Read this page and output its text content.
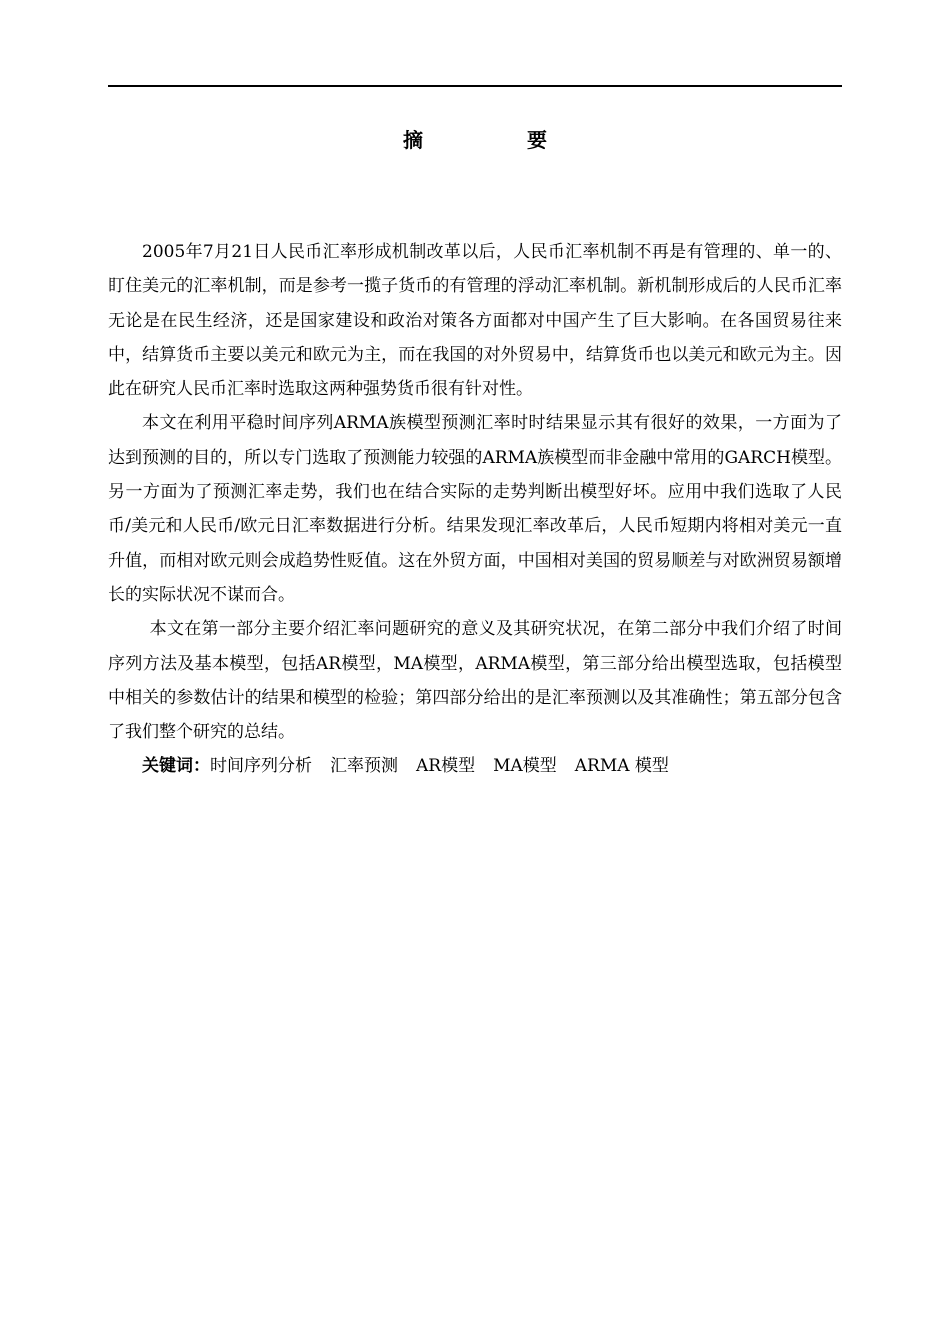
摘	要

2005年7月21日人民币汇率形成机制改革以后，人民币汇率机制不再是有管理的、单一的、盯住美元的汇率机制，而是参考一揽子货币的有管理的浮动汇率机制。新机制形成后的人民币汇率无论是在民生经济，还是国家建设和政治对策各方面都对中国产生了巨大影响。在各国贸易往来中，结算货币主要以美元和欧元为主，而在我国的对外贸易中，结算货币也以美元和欧元为主。因此在研究人民币汇率时选取这两种强势货币很有针对性。

本文在利用平稳时间序列ARMA族模型预测汇率时时结果显示其有很好的效果，一方面为了达到预测的目的，所以专门选取了预测能力较强的ARMA族模型而非金融中常用的GARCH模型。另一方面为了预测汇率走势，我们也在结合实际的走势判断出模型好坏。应用中我们选取了人民币/美元和人民币/欧元日汇率数据进行分析。结果发现汇率改革后，人民币短期内将相对美元一直升值，而相对欧元则会成趋势性贬值。这在外贸方面，中国相对美国的贸易顺差与对欧洲贸易额增长的实际状况不谋而合。

本文在第一部分主要介绍汇率问题研究的意义及其研究状况，在第二部分中我们介绍了时间序列方法及基本模型，包括AR模型，MA模型，ARMA模型，第三部分给出模型选取，包括模型中相关的参数估计的结果和模型的检验；第四部分给出的是汇率预测以及其准确性；第五部分包含了我们整个研究的总结。

关键词：时间序列分析 汇率预测 AR模型 MA模型 ARMA 模型
